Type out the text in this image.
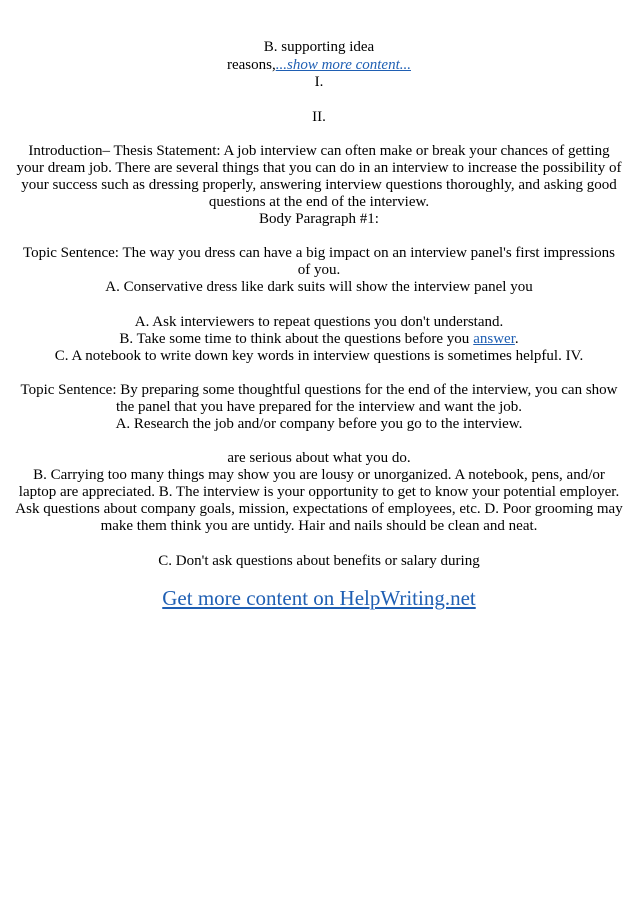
B. supporting idea
reasons,...show more content...
I.
II.
Introduction– Thesis Statement: A job interview can often make or break your chances of getting
your dream job. There are several things that you can do in an interview to increase the possibility of
your success such as dressing properly, answering interview questions thoroughly, and asking good
questions at the end of the interview.
Body Paragraph #1:
Topic Sentence: The way you dress can have a big impact on an interview panel's first impressions
of you.
A. Conservative dress like dark suits will show the interview panel you
A. Ask interviewers to repeat questions you don't understand.
B. Take some time to think about the questions before you answer.
C. A notebook to write down key words in interview questions is sometimes helpful. IV.
Topic Sentence: By preparing some thoughtful questions for the end of the interview, you can show
the panel that you have prepared for the interview and want the job.
A. Research the job and/or company before you go to the interview.
are serious about what you do.
B. Carrying too many things may show you are lousy or unorganized. A notebook, pens, and/or
laptop are appreciated. B. The interview is your opportunity to get to know your potential employer.
Ask questions about company goals, mission, expectations of employees, etc. D. Poor grooming may
make them think you are untidy. Hair and nails should be clean and neat.
C. Don't ask questions about benefits or salary during
Get more content on HelpWriting.net
